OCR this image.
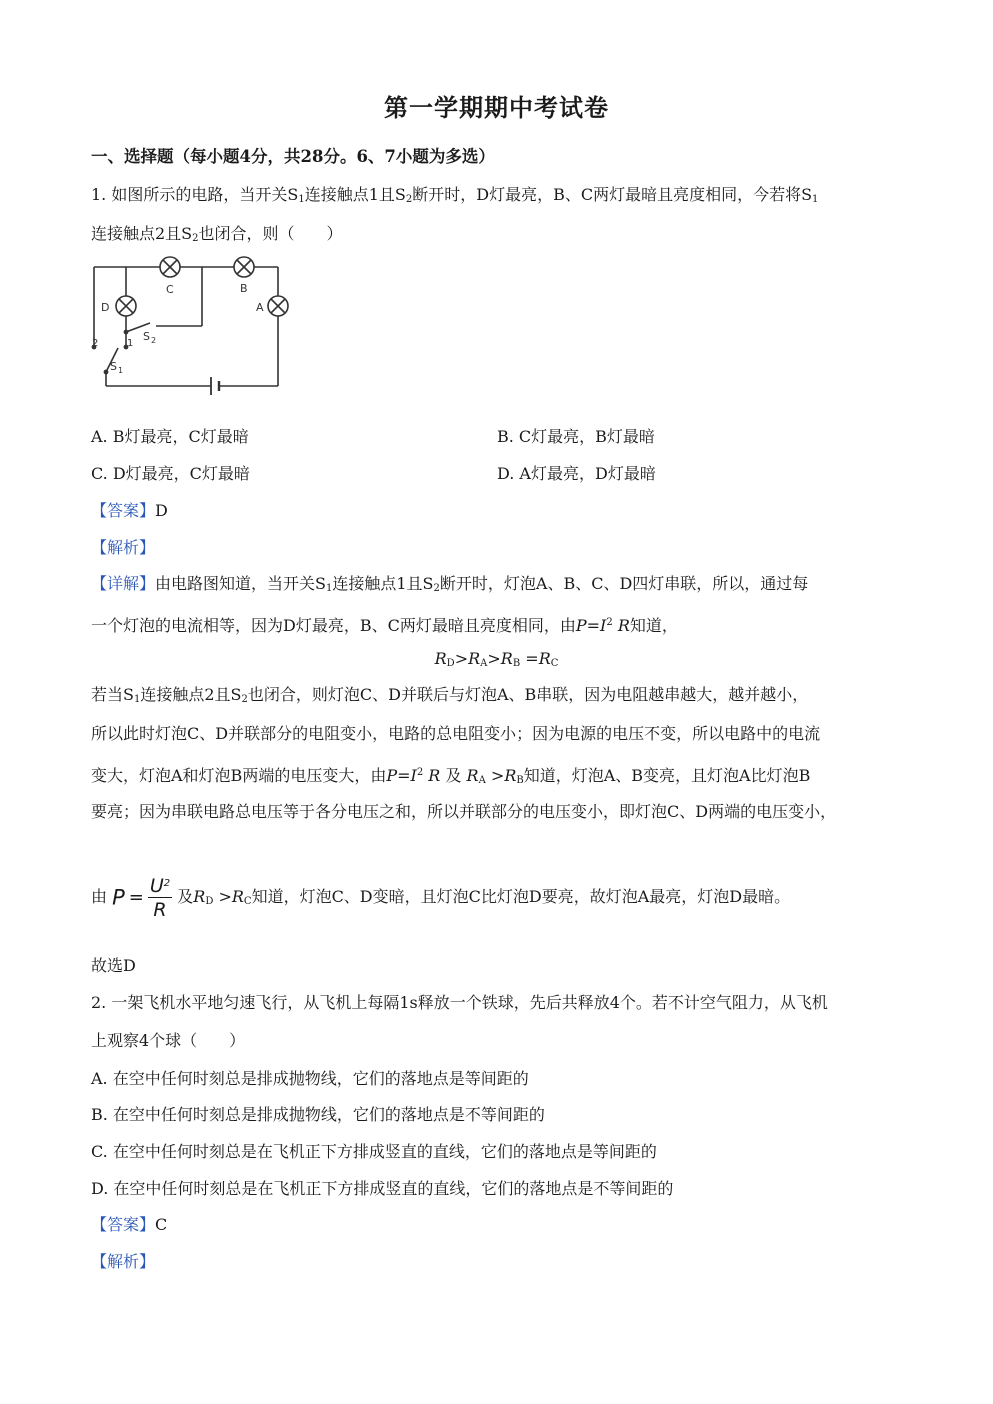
第一学期期中考试卷
一、选择题（每小题4分，共28分。6、7小题为多选）
1. 如图所示的电路，当开关$S_1$连接触点1且$S_2$断开时，D灯最亮，B、C两灯最暗且亮度相同，今若将$S_1$
连接触点2且$S_2$也闭合，则（　　）
C	B
D	A
S 2
S 1
2	1
A. B灯最亮，C灯最暗	B. C灯最亮，B灯最暗
C. D灯最亮，C灯最暗	D. A灯最亮，D灯最暗
【答案】D
【解析】
【详解】由电路图知道，当开关$S_1$连接触点1且$S_2$断开时，灯泡A、B、C、D四灯串联，所以，通过每
一个灯泡的电流相等，因为D灯最亮，B、C两灯最暗且亮度相同，由$P=I^2$ R知道，
$R_D>R_A>R_B =R_C$
若当$S_1$连接触点2且$S_2$也闭合，则灯泡C、D并联后与灯泡A、B串联，因为电阻越串越大，越并越小，
所以此时灯泡C、D并联部分的电阻变小，电路的总电阻变小；因为电源的电压不变，所以电路中的电流
变大，灯泡A和灯泡B两端的电压变大，由$P=I^2$ R 及 $R_A >R_B$知道，灯泡A、B变亮，且灯泡A比灯泡B
要亮；因为串联电路总电压等于各分电压之和，所以并联部分的电压变小，即灯泡C、D两端的电压变小，
由 $P = \frac{U^2}{R}$ 及$R_D >R_C$知道，灯泡C、D变暗，且灯泡C比灯泡D要亮，故灯泡A最亮，灯泡D最暗。
故选D
2. 一架飞机水平地匀速飞行，从飞机上每隔1s释放一个铁球，先后共释放4个。若不计空气阻力，从飞机
上观察4个球（　　）
A. 在空中任何时刻总是排成抛物线，它们的落地点是等间距的
B. 在空中任何时刻总是排成抛物线，它们的落地点是不等间距的
C. 在空中任何时刻总是在飞机正下方排成竖直的直线，它们的落地点是等间距的
D. 在空中任何时刻总是在飞机正下方排成竖直的直线，它们的落地点是不等间距的
【答案】C
【解析】
